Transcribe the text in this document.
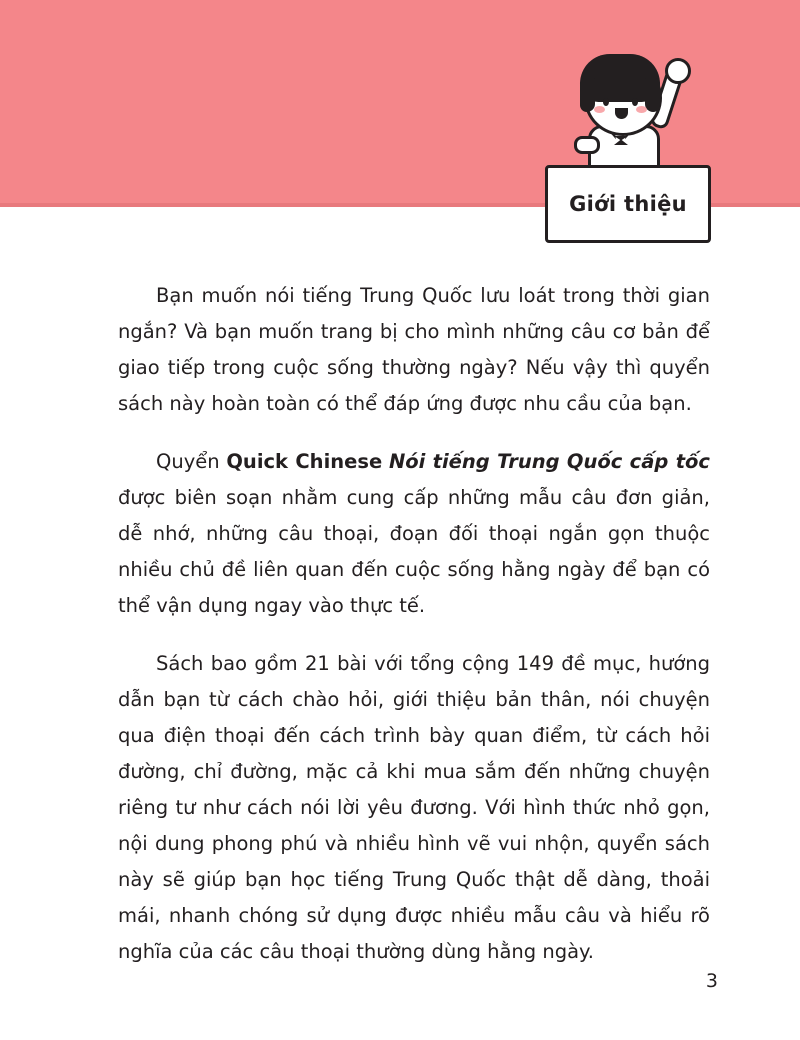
Giới thiệu

Bạn muốn nói tiếng Trung Quốc lưu loát trong thời gian ngắn? Và bạn muốn trang bị cho mình những câu cơ bản để giao tiếp trong cuộc sống thường ngày? Nếu vậy thì quyển sách này hoàn toàn có thể đáp ứng được nhu cầu của bạn.

Quyển Quick Chinese Nói tiếng Trung Quốc cấp tốc được biên soạn nhằm cung cấp những mẫu câu đơn giản, dễ nhớ, những câu thoại, đoạn đối thoại ngắn gọn thuộc nhiều chủ đề liên quan đến cuộc sống hằng ngày để bạn có thể vận dụng ngay vào thực tế.

Sách bao gồm 21 bài với tổng cộng 149 đề mục, hướng dẫn bạn từ cách chào hỏi, giới thiệu bản thân, nói chuyện qua điện thoại đến cách trình bày quan điểm, từ cách hỏi đường, chỉ đường, mặc cả khi mua sắm đến những chuyện riêng tư như cách nói lời yêu đương. Với hình thức nhỏ gọn, nội dung phong phú và nhiều hình vẽ vui nhộn, quyển sách này sẽ giúp bạn học tiếng Trung Quốc thật dễ dàng, thoải mái, nhanh chóng sử dụng được nhiều mẫu câu và hiểu rõ nghĩa của các câu thoại thường dùng hằng ngày.

3
